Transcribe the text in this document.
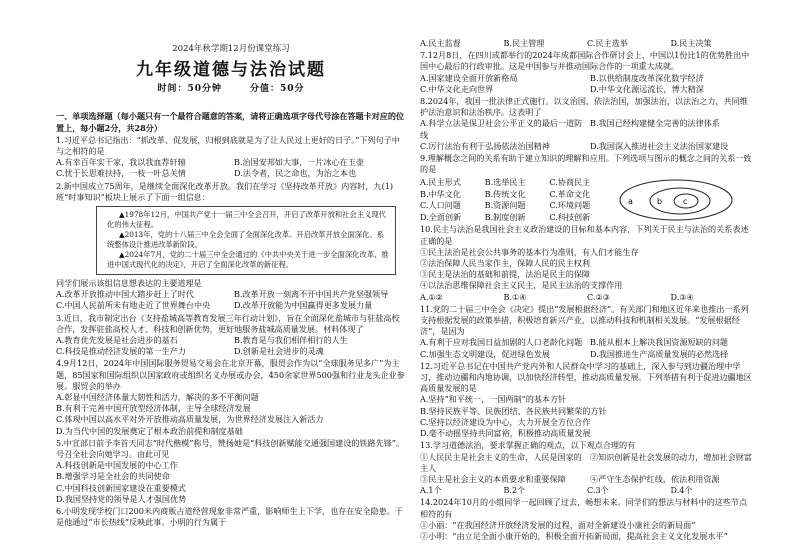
2024年秋学期12月份课堂练习
九年级道德与法治试题
时间：50分钟	分值：50分

一、单项选择题（每小题只有一个最符合题意的答案，请将正确选项字母代号涂在答题卡对应的位置上，每小题2分，共28分）

1.习近平总书记指出：“抓改革、促发展，归根到底就是为了让人民过上更好的日子。”下列句子中与之相符的是

A.有幸百年实干家，我以我血荐轩辕	B.治国安邦如大事，一片冰心在玉壶
C.忧于长思难扶持，一枝一叶总关情	D.法令者，民之命也，为治之本也

2.新中国成立75周年，是继续全面深化改革开放。我们在学习《坚持改革开放》内容时，九(1)班“时事知识”板块上展示了下面一组信息：

▲1978年12月，中国共产党十一届三中全会召开，开启了改革开放和社会主义现代化的伟大征程。

▲2013年，党的十八届三中全会全面了全面深化改革。开启改革开放全面深化、系统整体设计推进改革新阶段。

▲2024年7月，党的二十届三中全会通过的《中共中央关于进一步全面深化改革、推进中国式现代化的决定》，开启了全面深化改革的新征程。

同学们展示该组信息想表达的主要道理是

A.改革开放推动中国大踏步赶上了时代	B.改革开放一刻离不开中国共产党坚强领导
C.中国人民前所未有地走近了世界舞台中央	D.改革开放能为中国赢得更多发展力量

3.近日，我市制定出台《支持盐城高等教育发展三年行动计划》，旨在全面深化盐城市与驻盐高校合作，发挥驻盐高校人才、科技和创新优势，更好地服务盐城高质量发展。材料体现了

A.教育优先发展是社会进步的基石	B.教育是与我们相伴相行的人生
C.科技是推动经济发展的第一生产力	D.创新是社会进步的灵魂

4.9月12日，2024年中国国际服务贸易交易会在北京开幕，服贸会作为以“全球服务见多广”为主题，85国家和国际组织以国家政府或组织名义办展或办会，450余家世界500强和行业龙头企业参展。服贸会的举办

A.彰显中国经济体量大韧性和活力，解决的多不平衡问题

B.有利于完善中国开放型经济体制，主导全球经济发展

C.体现中国以高水平对外开放推动高质量发展，为世界经济发展注入新活力

D.为当代中国的发展奠定了根本政治前提和制度基础

5.中宣部日前予李首天同志“时代楷模”称号，赞扬她是“科技创新赋能交通强国建设的铁路先锋”。号召全社会向她学习。由此可见

A.科技创新是中国发展的中心工作

B.增强学习是全社会的共同使命

C.中国科技创新国家建设在重要模式

D.我国坚持党的领导是人才强国优势

6.小明发现学校门口200米内商贩占道经营现象非常严重，影响师生上下学，也存在安全隐患。于是他通过“市长热线”反映此事。小明的行为属于

A.民主监督	B.民主管理	C.民主选举	D.民主决策

7.12月8日，在四川成都举行的2024年成都国际合作研讨会上，中国以1份比1的优势胜出中国中心最后的行政审批。这是中国参与并推动国际合作的一项重大成就。

A.国家建设全面开放新格局	B.以供给制度改革深化数字经济
C.中华文化走向世界	D.中华文化源远流长，博大精深

8.2024年，我国一批法律正式施行。以文治国，依法治国，加强法治，以法治之力，共同维护法治意识和法治秩序。这表明了

A.科学立法是保卫社会公平正义的最后一道防线
B.我国已经构建健全完善的法律体系
C.厉行法治有利于弘扬依法治国精神	D.我国深入推进社会主义法治国家建设

9.理解概念之间的关系有助于建立知识的理解和应用。下列选项与图示的概念之间的关系一致的是

A.民主形式	B.选举民主	C.协商民主
B.中华文化	B.传统文化	C.革命文化
C.人口问题	B.资源问题	C.环境问题
D.全面创新	B.制度创新	C.科技创新
a	b	c

10.民主与法治是我国社会主义政治建设的目标和基本内容，下列关于民主与法治的关系表述正确的是

①民主法治是社会公共事务的基本行为准则，有人们才能生存

②法治保障人民当家作主，保障人民的民主权利

③民主是法治的基础和前提，法治是民主的保障

④以法治思维保障社会主义民主，是民主法治的支撑作用

A.①②	B.①④	C.②③	D.③④

11.党的二十届三中全会《决定》提出“发展根据经济”。有关部门和地区近年来也推出一系列支持根据发展的政策举措，积极培育新兴产业，以推动科技和机制相关发展。“发展根据经济”，是因为

A.有利于应对我国日益加剧的人口老龄化问题 B.能从根本上解决我国资源短缺的问题
C.加强生态文明建设，促进绿色发展	D.我国推进生产高质量发展的必然选择

12.习近平总书记在中国共产党内外和人民群众中学习的基础上，深入参与到边疆治理中学习，推动边疆和内地协调，以加快经济转型，推动高质量发展。下列举措有利于促进边疆地区高质量发展的是

A.坚持“和平统一，一国两制”的基本方针

B.坚持民族平等、民族团结、各民族共同繁荣的方针

C.坚持以经济建设为中心，大力开展全方位合作

D.毫不动摇坚持共同富裕，积极推动高质量发展

13.学习道德法治，要求掌握正确的观点，以下观点合理的有

①人民民主是社会主义的生命，人民是国家的主人
②知识创新是社会发展的动力，增加社会财富
③民主是社会主义的本质要求和重要保障	④严守生态保护红线，依法利用资源
A.1个	B.2个	C.3个	D.4个

14.2024年10月的小组同学一起回顾了过去，畅想未来。同学们的想法与材料中的这些节点相符的有

①小丽：“在我国经济开放经济发展的过程，面对全新建设小康社会的新局面”

②小明：“由立足全面小康开始的，积极全面开拓新局面，提高社会主义文化发展水平”
